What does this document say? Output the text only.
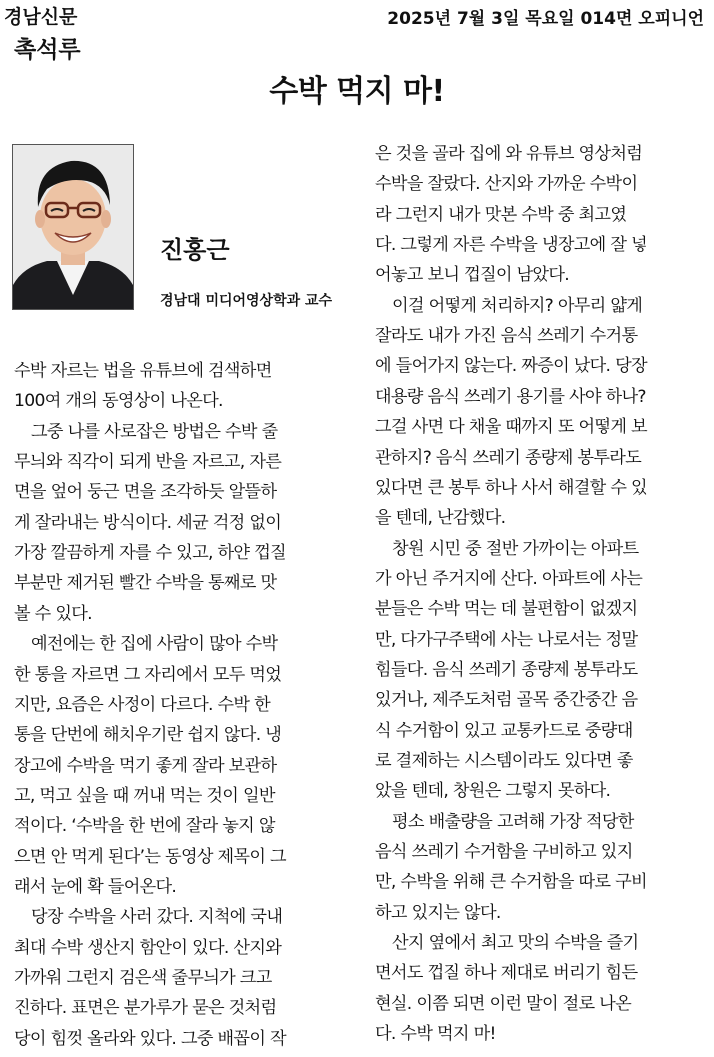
경남신문
촉석루
2025년 7월 3일 목요일 014면 오피니언
수박 먹지 마!
진홍근
경남대 미디어영상학과 교수
수박 자르는 법을 유튜브에 검색하면
100여 개의 동영상이 나온다.
그중 나를 사로잡은 방법은 수박 줄
무늬와 직각이 되게 반을 자르고, 자른
면을 엎어 둥근 면을 조각하듯 알뜰하
게 잘라내는 방식이다. 세균 걱정 없이
가장 깔끔하게 자를 수 있고, 하얀 껍질
부분만 제거된 빨간 수박을 통째로 맛
볼 수 있다.
예전에는 한 집에 사람이 많아 수박
한 통을 자르면 그 자리에서 모두 먹었
지만, 요즘은 사정이 다르다. 수박 한
통을 단번에 해치우기란 쉽지 않다. 냉
장고에 수박을 먹기 좋게 잘라 보관하
고, 먹고 싶을 때 꺼내 먹는 것이 일반
적이다. ‘수박을 한 번에 잘라 놓지 않
으면 안 먹게 된다’는 동영상 제목이 그
래서 눈에 확 들어온다.
당장 수박을 사러 갔다. 지척에 국내
최대 수박 생산지 함안이 있다. 산지와
가까워 그런지 검은색 줄무늬가 크고
진하다. 표면은 분가루가 묻은 것처럼
당이 힘껏 올라와 있다. 그중 배꼽이 작
은 것을 골라 집에 와 유튜브 영상처럼
수박을 잘랐다. 산지와 가까운 수박이
라 그런지 내가 맛본 수박 중 최고였
다. 그렇게 자른 수박을 냉장고에 잘 넣
어놓고 보니 껍질이 남았다.
이걸 어떻게 처리하지? 아무리 얇게
잘라도 내가 가진 음식 쓰레기 수거통
에 들어가지 않는다. 짜증이 났다. 당장
대용량 음식 쓰레기 용기를 사야 하나?
그걸 사면 다 채울 때까지 또 어떻게 보
관하지? 음식 쓰레기 종량제 봉투라도
있다면 큰 봉투 하나 사서 해결할 수 있
을 텐데, 난감했다.
창원 시민 중 절반 가까이는 아파트
가 아닌 주거지에 산다. 아파트에 사는
분들은 수박 먹는 데 불편함이 없겠지
만, 다가구주택에 사는 나로서는 정말
힘들다. 음식 쓰레기 종량제 봉투라도
있거나, 제주도처럼 골목 중간중간 음
식 수거함이 있고 교통카드로 중량대
로 결제하는 시스템이라도 있다면 좋
았을 텐데, 창원은 그렇지 못하다.
평소 배출량을 고려해 가장 적당한
음식 쓰레기 수거함을 구비하고 있지
만, 수박을 위해 큰 수거함을 따로 구비
하고 있지는 않다.
산지 옆에서 최고 맛의 수박을 즐기
면서도 껍질 하나 제대로 버리기 힘든
현실. 이쯤 되면 이런 말이 절로 나온
다. 수박 먹지 마!
